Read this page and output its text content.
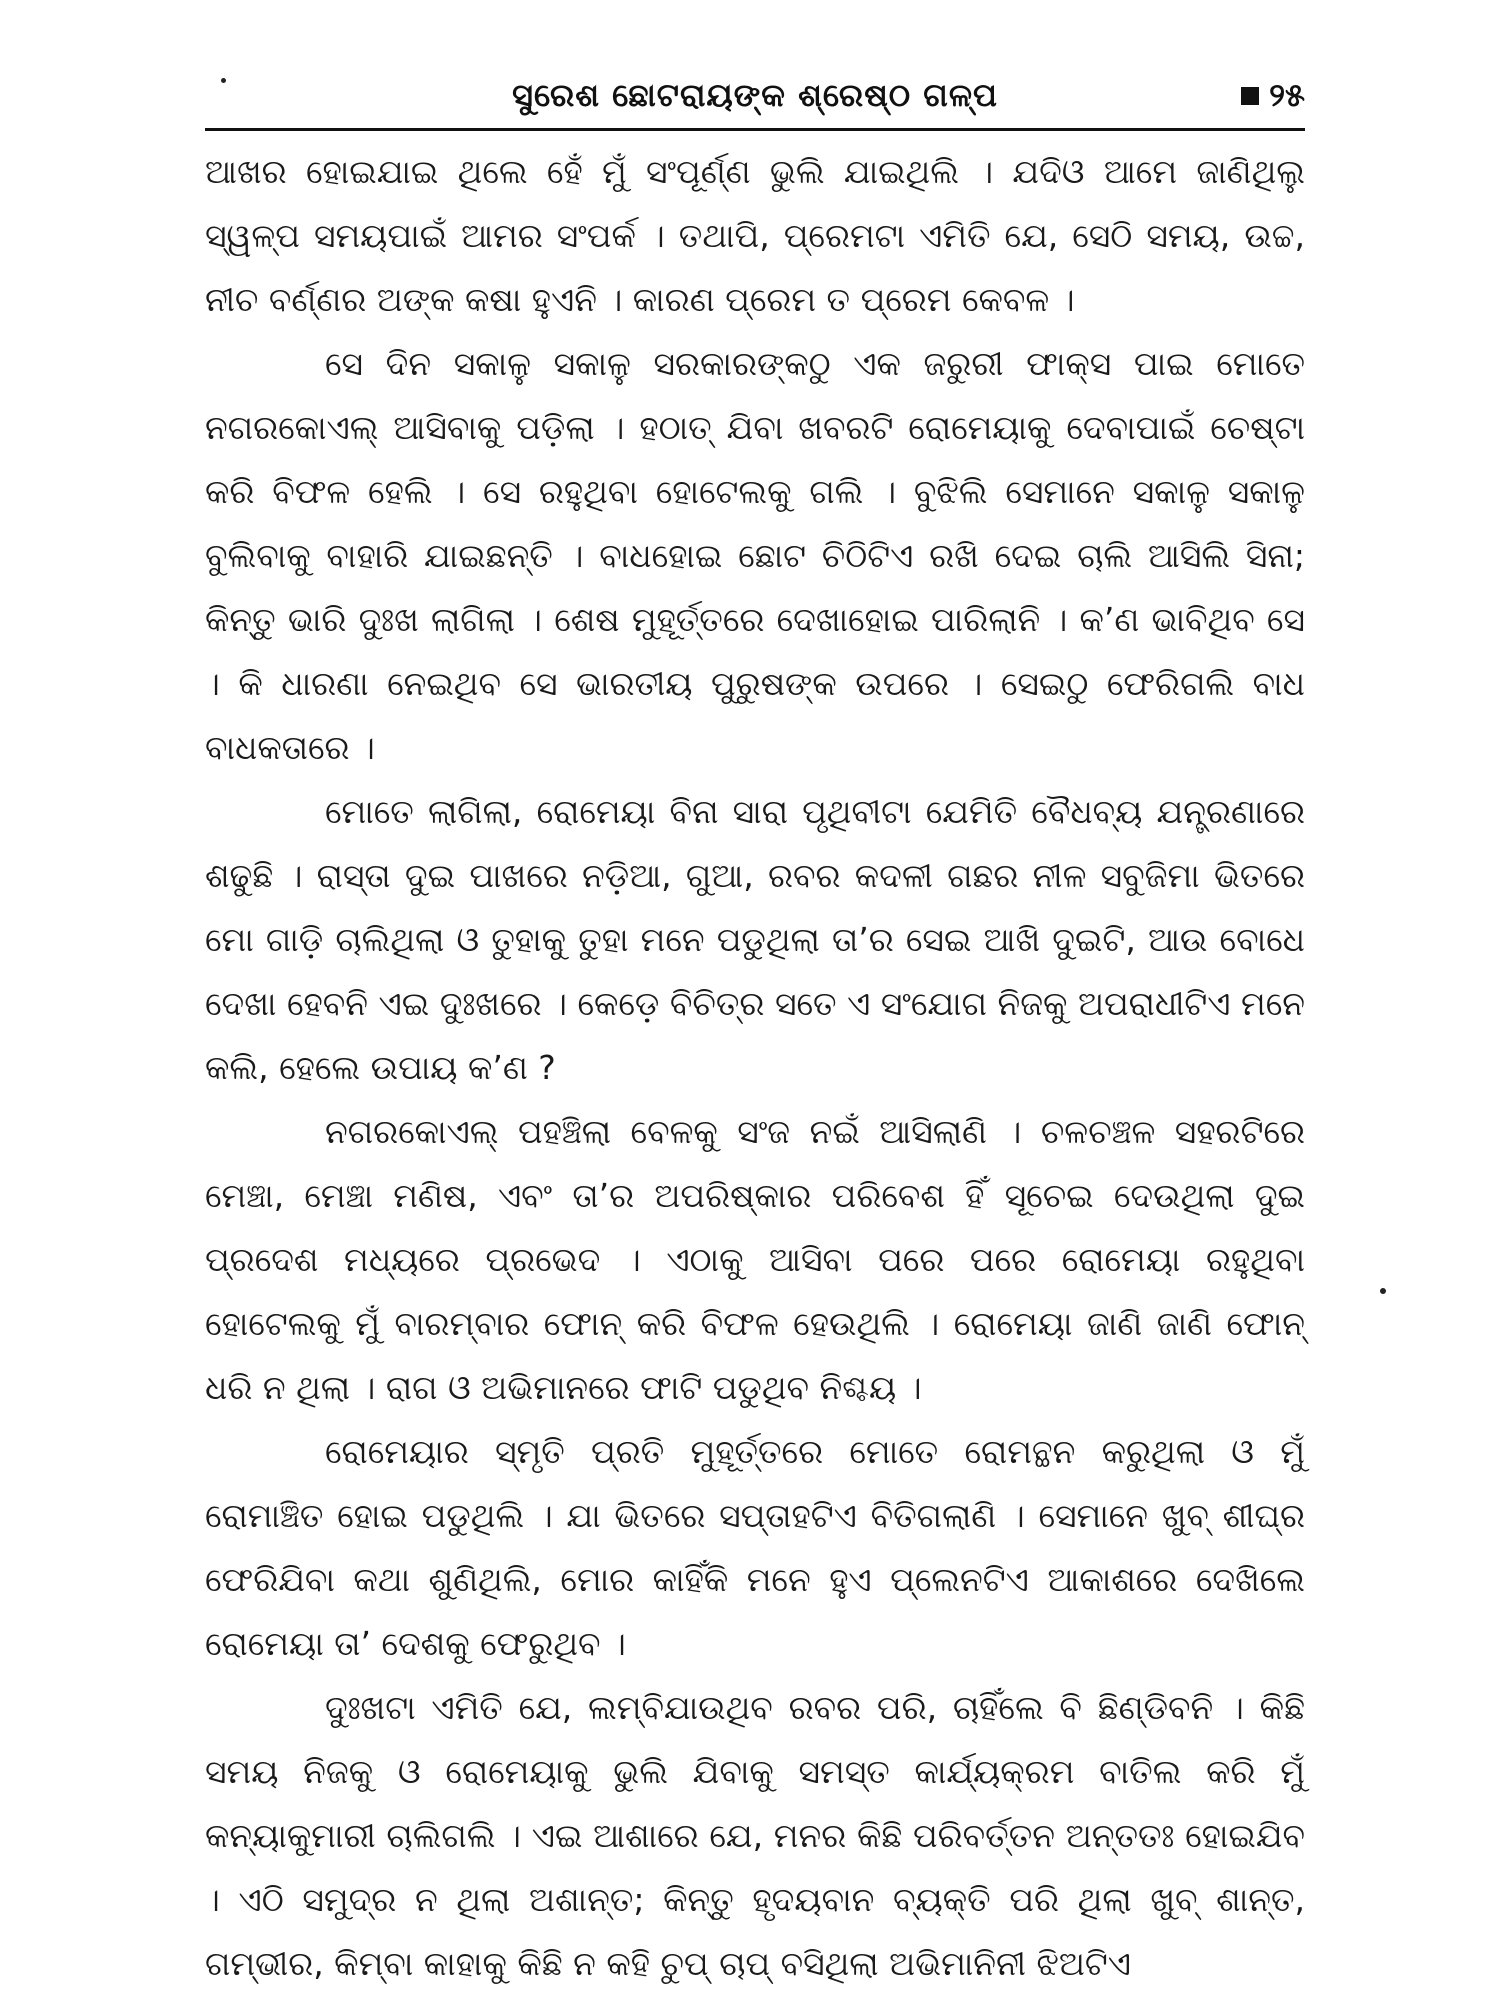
ସୁରେଶ ଛୋଟରାୟଙ୍କ ଶ୍ରେଷ୍ଠ ଗଳ୍ପ	୨୫

ଆଖର ହୋଇଯାଇ ଥିଲେ ହେଁ ମୁଁ ସଂପୂର୍ଣ୍ଣ ଭୁଲି ଯାଇଥିଲି । ଯଦିଓ ଆମେ ଜାଣିଥିଲୁ ସ୍ୱଳ୍ପ ସମୟପାଇଁ ଆମର ସଂପର୍କ । ତଥାପି, ପ୍ରେମଟା ଏମିତି ଯେ, ସେଠି ସମୟ, ଉଚ୍ଚ, ନୀଚ ବର୍ଣ୍ଣର ଅଙ୍କ କଷା ହୁଏନି । କାରଣ ପ୍ରେମ ତ ପ୍ରେମ କେବଳ ।

ସେ ଦିନ ସକାଳୁ ସକାଳୁ ସରକାରଙ୍କଠୁ ଏକ ଜରୁରୀ ଫାକ୍ସ ପାଇ ମୋତେ ନଗରକୋଏଲ୍ ଆସିବାକୁ ପଡ଼ିଲା । ହଠାତ୍ ଯିବା ଖବରଟି ରୋମେୟାକୁ ଦେବାପାଇଁ ଚେଷ୍ଟା କରି ବିଫଳ ହେଲି । ସେ ରହୁଥିବା ହୋଟେଲକୁ ଗଲି । ବୁଝିଲି ସେମାନେ ସକାଳୁ ସକାଳୁ ବୁଲିବାକୁ ବାହାରି ଯାଇଛନ୍ତି । ବାଧହୋଇ ଛୋଟ ଚିଠିଟିଏ ରଖି ଦେଇ ଚାଲି ଆସିଲି ସିନା; କିନ୍ତୁ ଭାରି ଦୁଃଖ ଲାଗିଲା । ଶେଷ ମୁହୂର୍ତ୍ତରେ ଦେଖାହୋଇ ପାରିଲାନି । କ’ଣ ଭାବିଥିବ ସେ । କି ଧାରଣା ନେଇଥିବ ସେ ଭାରତୀୟ ପୁରୁଷଙ୍କ ଉପରେ । ସେଇଠୁ ଫେରିଗଲି ବାଧ ବାଧକତାରେ ।

ମୋତେ ଲାଗିଲା, ରୋମେୟା ବିନା ସାରା ପୃଥିବୀଟା ଯେମିତି ବୈଧବ୍ୟ ଯନ୍ତ୍ରଣାରେ ଶଢୁଛି । ରାସ୍ତା ଦୁଇ ପାଖରେ ନଡ଼ିଆ, ଗୁଆ, ରବର କଦଳୀ ଗଛର ନୀଳ ସବୁଜିମା ଭିତରେ ମୋ ଗାଡ଼ି ଚାଲିଥିଲା ଓ ତୁହାକୁ ତୁହା ମନେ ପଡୁଥିଲା ତା’ର ସେଇ ଆଖି ଦୁଇଟି, ଆଉ ବୋଧେ ଦେଖା ହେବନି ଏଇ ଦୁଃଖରେ । କେଡ଼େ ବିଚିତ୍ର ସତେ ଏ ସଂଯୋଗ ନିଜକୁ ଅପରାଧୀଟିଏ ମନେ କଲି, ହେଲେ ଉପାୟ କ’ଣ ?

ନଗରକୋଏଲ୍ ପହଞ୍ଚିଲା ବେଳକୁ ସଂଜ ନଇଁ ଆସିଲାଣି । ଚଳଚଞ୍ଚଳ ସହରଟିରେ ମେଞ୍ଚା, ମେଞ୍ଚା ମଣିଷ, ଏବଂ ତା’ର ଅପରିଷ୍କାର ପରିବେଶ ହିଁ ସୂଚେଇ ଦେଉଥିଲା ଦୁଇ ପ୍ରଦେଶ ମଧ୍ୟରେ ପ୍ରଭେଦ । ଏଠାକୁ ଆସିବା ପରେ ପରେ ରୋମେୟା ରହୁଥିବା ହୋଟେଲକୁ ମୁଁ ବାରମ୍ବାର ଫୋନ୍ କରି ବିଫଳ ହେଉଥିଲି । ରୋମେୟା ଜାଣି ଜାଣି ଫୋନ୍ ଧରି ନ ଥିଲା । ରାଗ ଓ ଅଭିମାନରେ ଫାଟି ପଡୁଥିବ ନିଶ୍ଚୟ ।

ରୋମେୟାର ସ୍ମୃତି ପ୍ରତି ମୁହୂର୍ତ୍ତରେ ମୋତେ ରୋମନ୍ଥନ କରୁଥିଲା ଓ ମୁଁ ରୋମାଞ୍ଚିତ ହୋଇ ପଡୁଥିଲି । ଯା ଭିତରେ ସପ୍ତାହଟିଏ ବିତିଗଲାଣି । ସେମାନେ ଖୁବ୍ ଶୀଘ୍ର ଫେରିଯିବା କଥା ଶୁଣିଥିଲି, ମୋର କାହିଁକି ମନେ ହୁଏ ପ୍ଲେନଟିଏ ଆକାଶରେ ଦେଖିଲେ ରୋମେୟା ତା’ ଦେଶକୁ ଫେରୁଥିବ ।

ଦୁଃଖଟା ଏମିତି ଯେ, ଲମ୍ବିଯାଉଥିବ ରବର ପରି, ଚାହିଁଲେ ବି ଛିଣ୍ଡିବନି । କିଛି ସମୟ ନିଜକୁ ଓ ରୋମେୟାକୁ ଭୁଲି ଯିବାକୁ ସମସ୍ତ କାର୍ଯ୍ୟକ୍ରମ ବାତିଲ କରି ମୁଁ କନ୍ୟାକୁମାରୀ ଚାଲିଗଲି । ଏଇ ଆଶାରେ ଯେ, ମନର କିଛି ପରିବର୍ତ୍ତନ ଅନ୍ତତଃ ହୋଇଯିବ । ଏଠି ସମୁଦ୍ର ନ ଥିଲା ଅଶାନ୍ତ; କିନ୍ତୁ ହୃଦୟବାନ ବ୍ୟକ୍ତି ପରି ଥିଲା ଖୁବ୍ ଶାନ୍ତ, ଗମ୍ଭୀର, କିମ୍ବା କାହାକୁ କିଛି ନ କହି ଚୁପ୍ ଚାପ୍ ବସିଥିଲା ଅଭିମାନିନୀ ଝିଅଟିଏ
